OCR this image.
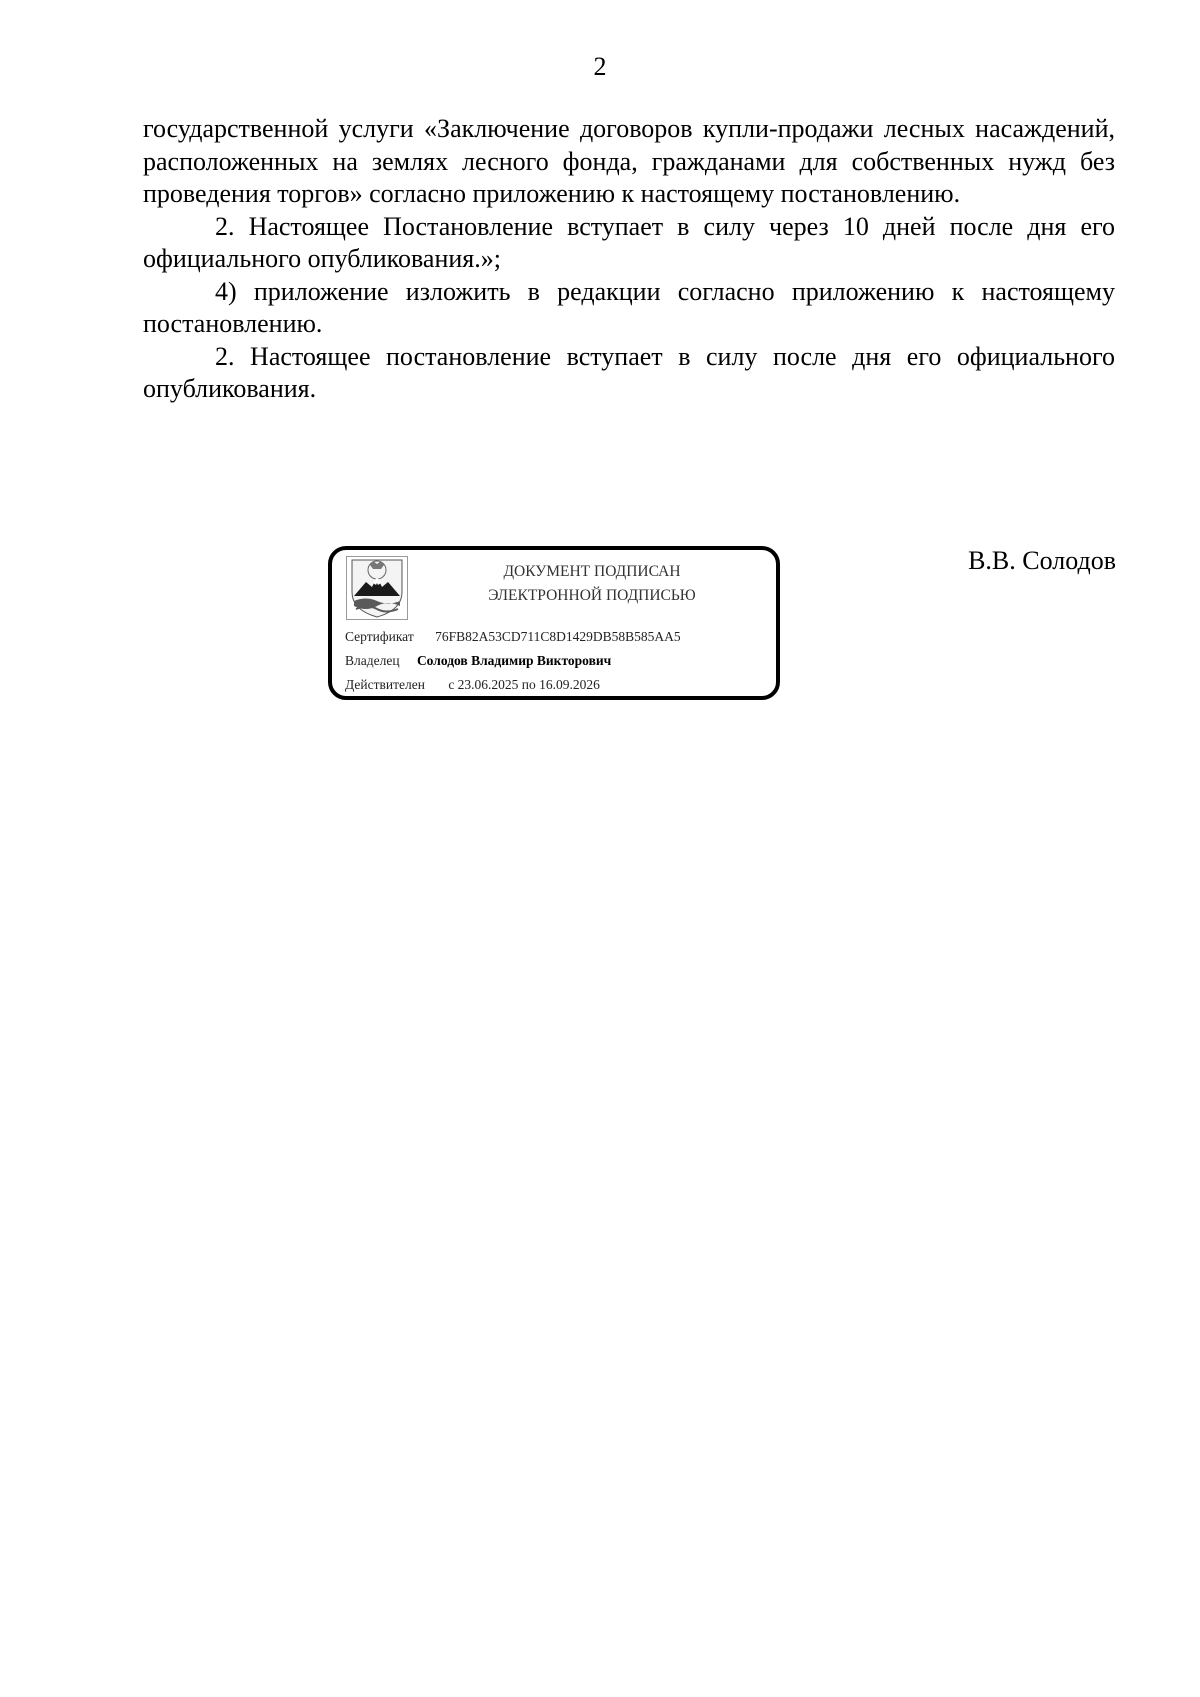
2

государственной услуги «Заключение договоров купли-продажи лесных насаждений, расположенных на землях лесного фонда, гражданами для собственных нужд без проведения торгов» согласно приложению к настоящему постановлению.

2. Настоящее Постановление вступает в силу через 10 дней после дня его официального опубликования.»;

4) приложение изложить в редакции согласно приложению к настоящему постановлению.

2. Настоящее постановление вступает в силу после дня его официального опубликования.

ДОКУМЕНТ ПОДПИСАН
ЭЛЕКТРОННОЙ ПОДПИСЬЮ
Сертификат 76FB82A53CD711C8D1429DB58B585AA5
Владелец Солодов Владимир Викторович
Действителен с 23.06.2025 по 16.09.2026
В.В. Солодов
